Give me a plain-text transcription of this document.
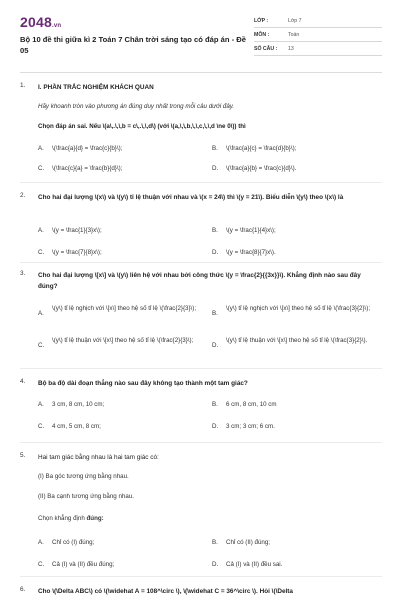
2048.vn
Bộ 10 đề thi giữa kì 2 Toán 7 Chân trời sáng tạo có đáp án - Đề 05
LỚP :	Lớp 7
MÔN :	Toán
SỐ CÂU : 13
1. I. PHẦN TRẮC NGHIỆM KHÁCH QUAN
Hãy khoanh tròn vào phương án đúng duy nhất trong mỗi câu dưới đây.
Chọn đáp án sai. Nếu \(a\,.\,\,b = c\,.\,\,d\) (với \(a,\,\,b,\,\,c,\,\,d \ne 0\)) thì
A. \(\frac{a}{d} = \frac{c}{b}\);	B. \(\frac{a}{c} = \frac{d}{b}\);
C. \(\frac{c}{a} = \frac{b}{d}\);	D. \(\frac{a}{b} = \frac{c}{d}\).
2. Cho hai đại lượng \(x\) và \(y\) tỉ lệ thuận với nhau và \(x = 24\) thì \(y = 21\). Biểu diễn \(y\) theo \(x\) là
A. \(y = \frac{1}{3}x\);	B. \(y = \frac{1}{4}x\);
C. \(y = \frac{7}{8}x\);	D. \(y = \frac{8}{7}x\).
3. Cho hai đại lượng \[x\] và \(y\) liên hệ với nhau bởi công thức \(y = \frac{2}{{3x}}\). Khẳng định nào sau đây đúng?
A.
\(y\) tỉ lệ nghịch với \[x\] theo hệ số tỉ lệ \(\frac{2}{3}\);
B.
\(y\) tỉ lệ nghịch với \[x\] theo hệ số tỉ lệ \(\frac{3}{2}\);
C.
\(y\) tỉ lệ thuận với \[x\] theo hệ số tỉ lệ \(\frac{2}{3}\);
D.
\(y\) tỉ lệ thuận với \[x\] theo hệ số tỉ lệ \(\frac{3}{2}\).
4. Bộ ba độ dài đoạn thẳng nào sau đây không tạo thành một tam giác?
A. 3 cm, 8 cm, 10 cm;	B. 6 cm, 8 cm, 10 cm
C. 4 cm, 5 cm, 8 cm;	D. 3 cm; 3 cm; 6 cm.
5. Hai tam giác bằng nhau là hai tam giác có:
(I) Ba góc tương ứng bằng nhau.
(II) Ba cạnh tương ứng bằng nhau.
Chọn khẳng định đúng:
A. Chỉ có (I) đúng;	B. Chỉ có (II) đúng;
C. Cả (I) và (II) đều đúng;	D. Cả (I) và (II) đều sai.
6. Cho \(\Delta ABC\) có \(\widehat A = 108^\circ \), \(\widehat C = 36^\circ \). Hỏi \(\Delta
